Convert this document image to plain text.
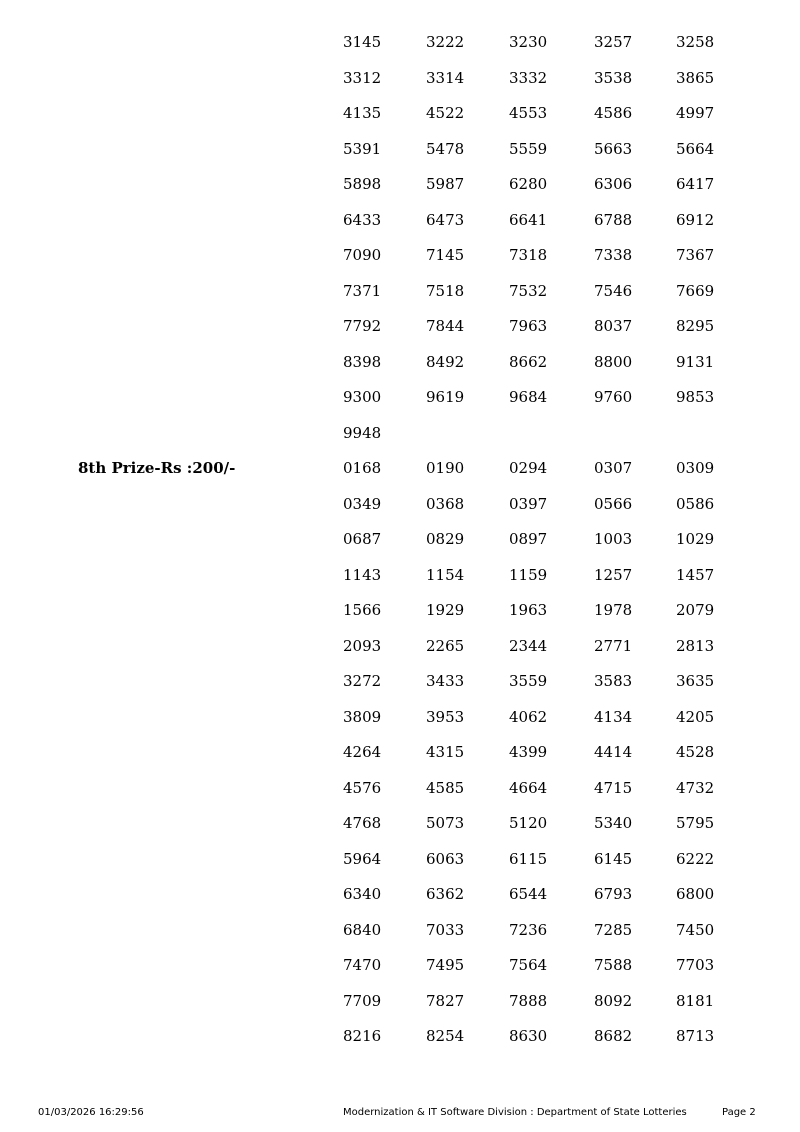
3145	3222	3230	3257	3258
3312	3314	3332	3538	3865
4135	4522	4553	4586	4997
5391	5478	5559	5663	5664
5898	5987	6280	6306	6417
6433	6473	6641	6788	6912
7090	7145	7318	7338	7367
7371	7518	7532	7546	7669
7792	7844	7963	8037	8295
8398	8492	8662	8800	9131
9300	9619	9684	9760	9853
9948
8th Prize-Rs :200/-	0168	0190	0294	0307	0309
0349	0368	0397	0566	0586
0687	0829	0897	1003	1029
1143	1154	1159	1257	1457
1566	1929	1963	1978	2079
2093	2265	2344	2771	2813
3272	3433	3559	3583	3635
3809	3953	4062	4134	4205
4264	4315	4399	4414	4528
4576	4585	4664	4715	4732
4768	5073	5120	5340	5795
5964	6063	6115	6145	6222
6340	6362	6544	6793	6800
6840	7033	7236	7285	7450
7470	7495	7564	7588	7703
7709	7827	7888	8092	8181
8216	8254	8630	8682	8713
01/03/2026 16:29:56	Modernization & IT Software Division : Department of State Lotteries	Page 2
